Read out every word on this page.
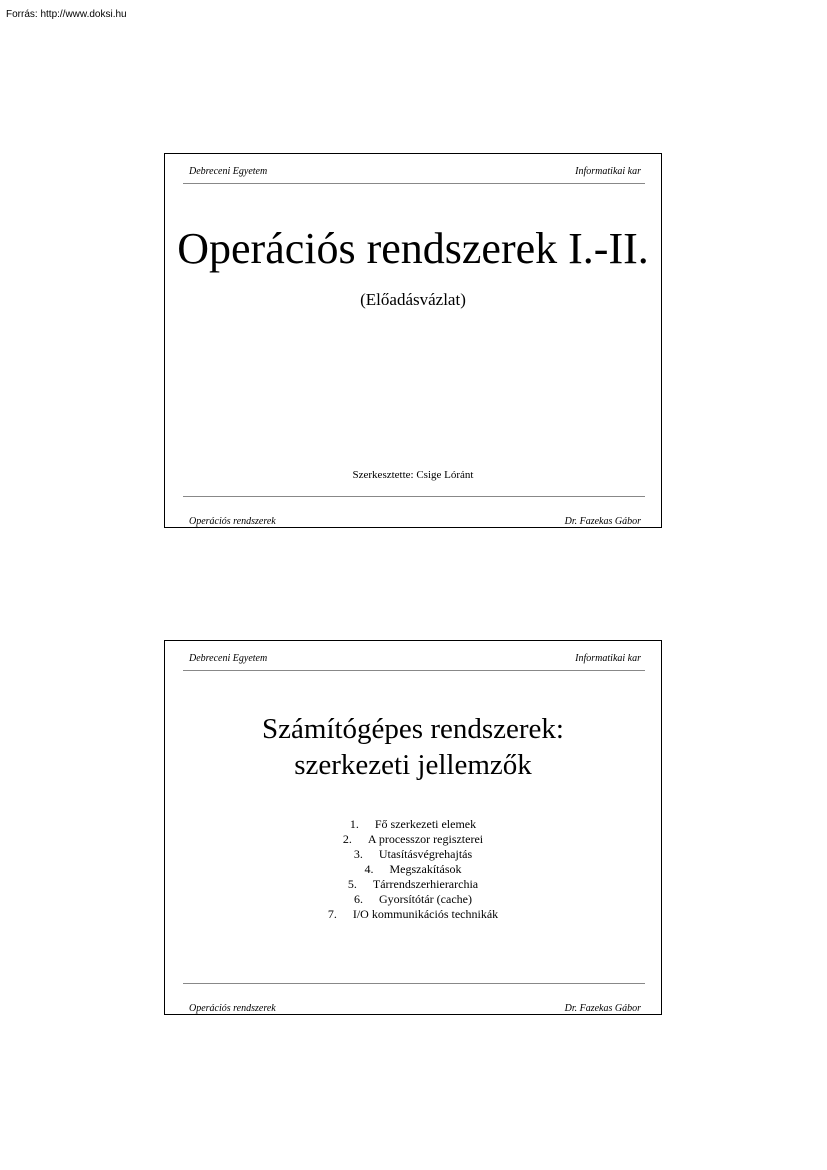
Forrás: http://www.doksi.hu
Debreceni Egyetem	Informatikai kar
Operációs rendszerek I.-II.
(Előadásvázlat)
Szerkesztette: Csige Lóránt
Operációs rendszerek	Dr. Fazekas Gábor
Debreceni Egyetem	Informatikai kar
Számítógépes rendszerek:
szerkezeti jellemzők
1. Fő szerkezeti elemek
2. A processzor regiszterei
3. Utasításvégrehajtás
4. Megszakítások
5. Tárrendszerhierarchia
6. Gyorsítótár (cache)
7. I/O kommunikációs technikák
Operációs rendszerek	Dr. Fazekas Gábor
